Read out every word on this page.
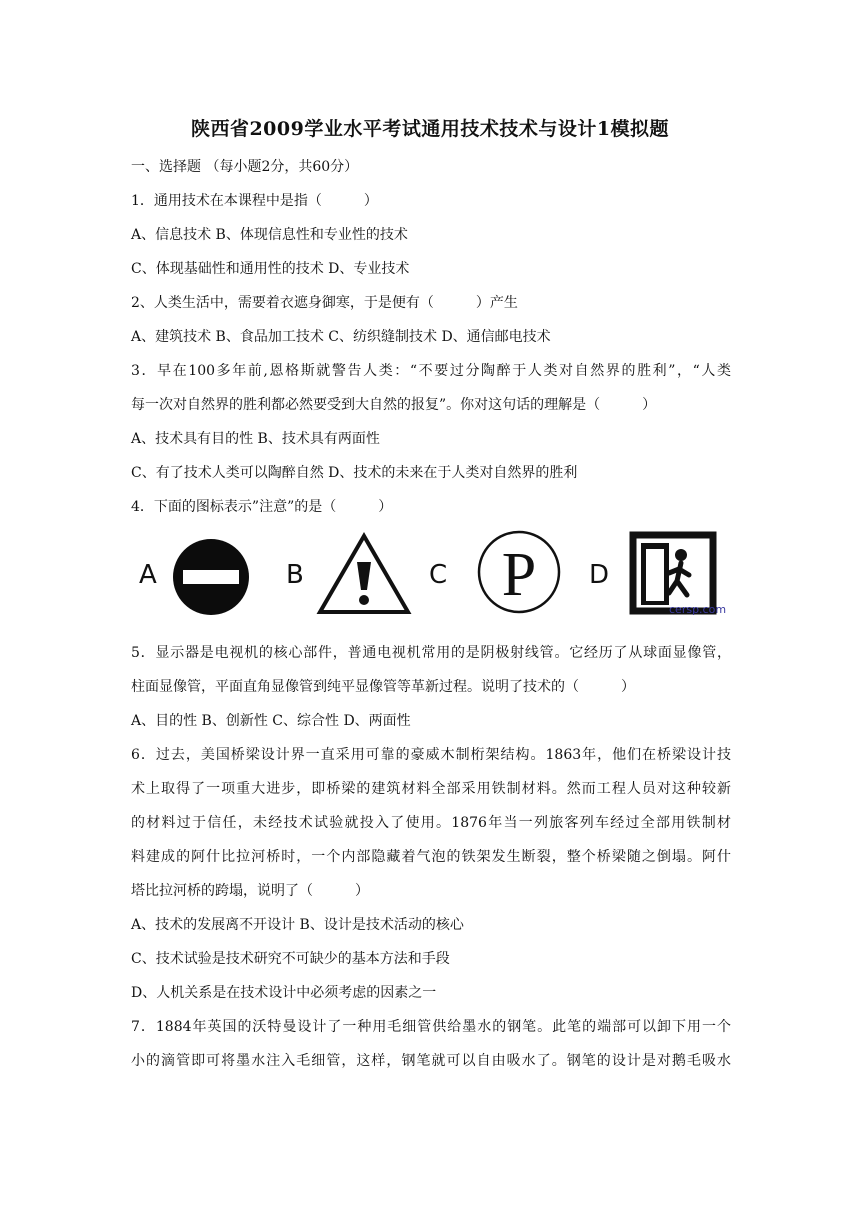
陕西省2009学业水平考试通用技术技术与设计1模拟题
一、选择题 （每小题2分，共60分）
1．通用技术在本课程中是指（　　　）
A、信息技术 B、体现信息性和专业性的技术
C、体现基础性和通用性的技术 D、专业技术
2、人类生活中，需要着衣遮身御寒，于是便有（　　　）产生
A、建筑技术 B、食品加工技术 C、纺织缝制技术 D、通信邮电技术
3．早在100多年前,恩格斯就警告人类：“不要过分陶醉于人类对自然界的胜利”，“人类
每一次对自然界的胜利都必然要受到大自然的报复”。你对这句话的理解是（　　　）
A、技术具有目的性 B、技术具有两面性
C、有了技术人类可以陶醉自然 D、技术的未来在于人类对自然界的胜利
4．下面的图标表示”注意”的是（　　　）
A	B	C P D
cersp.com
5．显示器是电视机的核心部件，普通电视机常用的是阴极射线管。它经历了从球面显像管，
柱面显像管，平面直角显像管到纯平显像管等革新过程。说明了技术的（　　　）
A、目的性 B、创新性 C、综合性 D、两面性
6．过去，美国桥梁设计界一直采用可靠的豪威木制桁架结构。1863年，他们在桥梁设计技
术上取得了一项重大进步，即桥梁的建筑材料全部采用铁制材料。然而工程人员对这种较新
的材料过于信任，未经技术试验就投入了使用。1876年当一列旅客列车经过全部用铁制材
料建成的阿什比拉河桥时，一个内部隐藏着气泡的铁架发生断裂，整个桥梁随之倒塌。阿什
塔比拉河桥的跨塌，说明了（　　　）
A、技术的发展离不开设计 B、设计是技术活动的核心
C、技术试验是技术研究不可缺少的基本方法和手段
D、人机关系是在技术设计中必须考虑的因素之一
7．1884年英国的沃特曼设计了一种用毛细管供给墨水的钢笔。此笔的端部可以卸下用一个
小的滴管即可将墨水注入毛细管，这样，钢笔就可以自由吸水了。钢笔的设计是对鹅毛吸水
